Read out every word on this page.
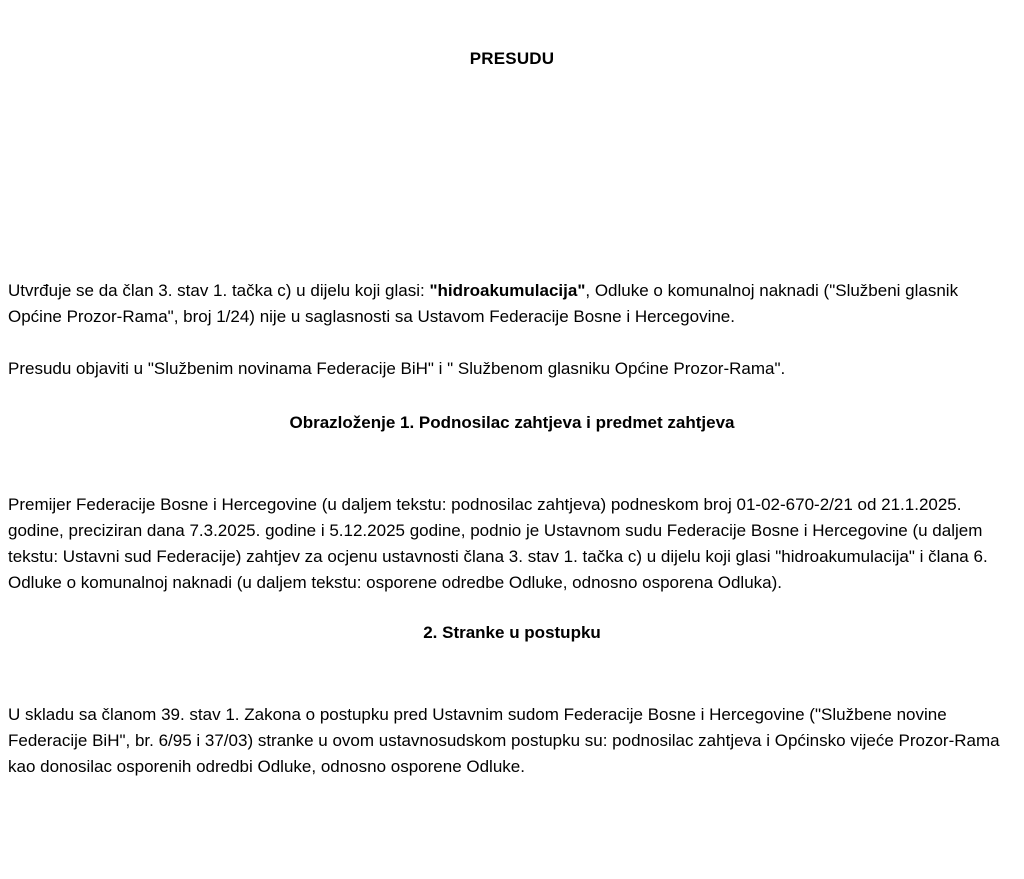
PRESUDU

Utvrđuje se da član 3. stav 1. tačka c) u dijelu koji glasi: "hidroakumulacija", Odluke o komunalnoj naknadi ("Službeni glasnik Općine Prozor-Rama", broj 1/24) nije u saglasnosti sa Ustavom Federacije Bosne i Hercegovine.

Presudu objaviti u "Službenim novinama Federacije BiH" i " Službenom glasniku Općine Prozor-Rama".

Obrazloženje 1. Podnosilac zahtjeva i predmet zahtjeva

Premijer Federacije Bosne i Hercegovine (u daljem tekstu: podnosilac zahtjeva) podneskom broj 01-02-670-2/21 od 21.1.2025. godine, preciziran dana 7.3.2025. godine i 5.12.2025 godine, podnio je Ustavnom sudu Federacije Bosne i Hercegovine (u daljem tekstu: Ustavni sud Federacije) zahtjev za ocjenu ustavnosti člana 3. stav 1. tačka c) u dijelu koji glasi "hidroakumulacija" i člana 6. Odluke o komunalnoj naknadi (u daljem tekstu: osporene odredbe Odluke, odnosno osporena Odluka).

2. Stranke u postupku

U skladu sa članom 39. stav 1. Zakona o postupku pred Ustavnim sudom Federacije Bosne i Hercegovine ("Službene novine Federacije BiH", br. 6/95 i 37/03) stranke u ovom ustavnosudskom postupku su: podnosilac zahtjeva i Općinsko vijeće Prozor-Rama kao donosilac osporenih odredbi Odluke, odnosno osporene Odluke.
